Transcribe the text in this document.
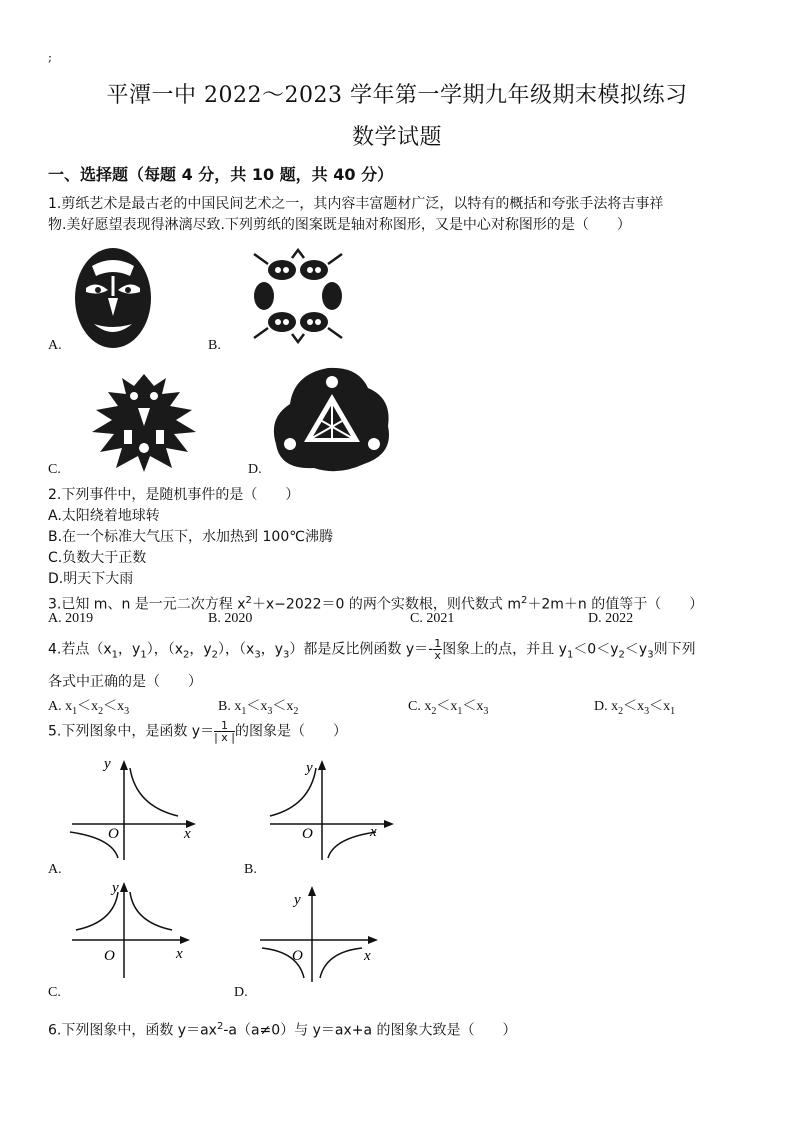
;
平潭一中 2022～2023 学年第一学期九年级期末模拟练习
数学试题
一、选择题（每题 4 分，共 10 题，共 40 分）
1.剪纸艺术是最古老的中国民间艺术之一，其内容丰富题材广泛，以特有的概括和夸张手法将吉事祥
物.美好愿望表现得淋漓尽致.下列剪纸的图案既是轴对称图形，又是中心对称图形的是（　　）
A.	B.
C.	D.
2.下列事件中，是随机事件的是（　　）
A.太阳绕着地球转
B.在一个标准大气压下，水加热到 100℃沸腾
C.负数大于正数
D.明天下大雨
3.已知 m、n 是一元二次方程 $x^2+x-2022=0$ 的两个实数根，则代数式 $m^2+2m+n$ 的值等于（　　）
A. 2019	B. 2020	C. 2021	D. 2022
4.若点（$x_1$，$y_1$），（$x_2$，$y_2$），（$x_3$，$y_3$）都是反比例函数 $y=- \frac{1}{x}$ 图象上的点，并且 $y_1<0<y_2<y_3$则下列
各式中正确的是（　　）
A. $x_1<x_2<x_3$	B. $x_1<x_3<x_2$	C. $x_2<x_1<x_3$	D. $x_2<x_3<x_1$
5.下列图象中，是函数 $y= \frac{1}{| x |}$ 的图象是（　　）
y
O	x
A.
y
O	x
B.
y
O	x
C.
y
O	x
D.
6.下列图象中，函数 $y=ax^2-a(a\ne 0)$与 y＝ax+a 的图象大致是（　　）
